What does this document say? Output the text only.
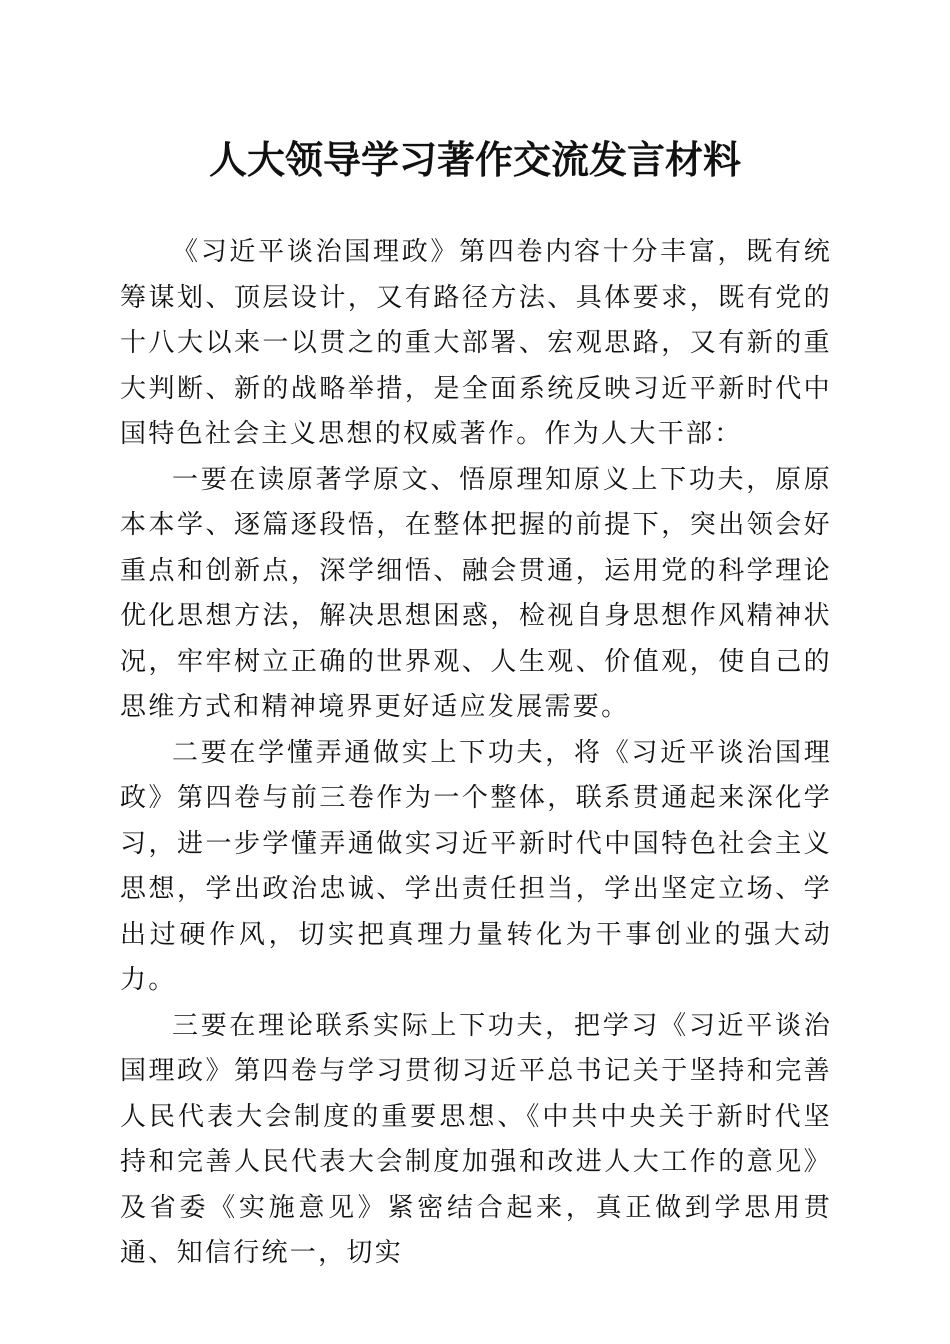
人大领导学习著作交流发言材料

《习近平谈治国理政》第四卷内容十分丰富，既有统筹谋划、顶层设计，又有路径方法、具体要求，既有党的十八大以来一以贯之的重大部署、宏观思路，又有新的重大判断、新的战略举措，是全面系统反映习近平新时代中国特色社会主义思想的权威著作。作为人大干部：

一要在读原著学原文、悟原理知原义上下功夫，原原本本学、逐篇逐段悟，在整体把握的前提下，突出领会好重点和创新点，深学细悟、融会贯通，运用党的科学理论优化思想方法，解决思想困惑，检视自身思想作风精神状况，牢牢树立正确的世界观、人生观、价值观，使自己的思维方式和精神境界更好适应发展需要。

二要在学懂弄通做实上下功夫，将《习近平谈治国理政》第四卷与前三卷作为一个整体，联系贯通起来深化学习，进一步学懂弄通做实习近平新时代中国特色社会主义思想，学出政治忠诚、学出责任担当，学出坚定立场、学出过硬作风，切实把真理力量转化为干事创业的强大动力。

三要在理论联系实际上下功夫，把学习《习近平谈治国理政》第四卷与学习贯彻习近平总书记关于坚持和完善人民代表大会制度的重要思想、《中共中央关于新时代坚持和完善人民代表大会制度加强和改进人大工作的意见》及省委《实施意见》紧密结合起来，真正做到学思用贯通、知信行统一，切实
